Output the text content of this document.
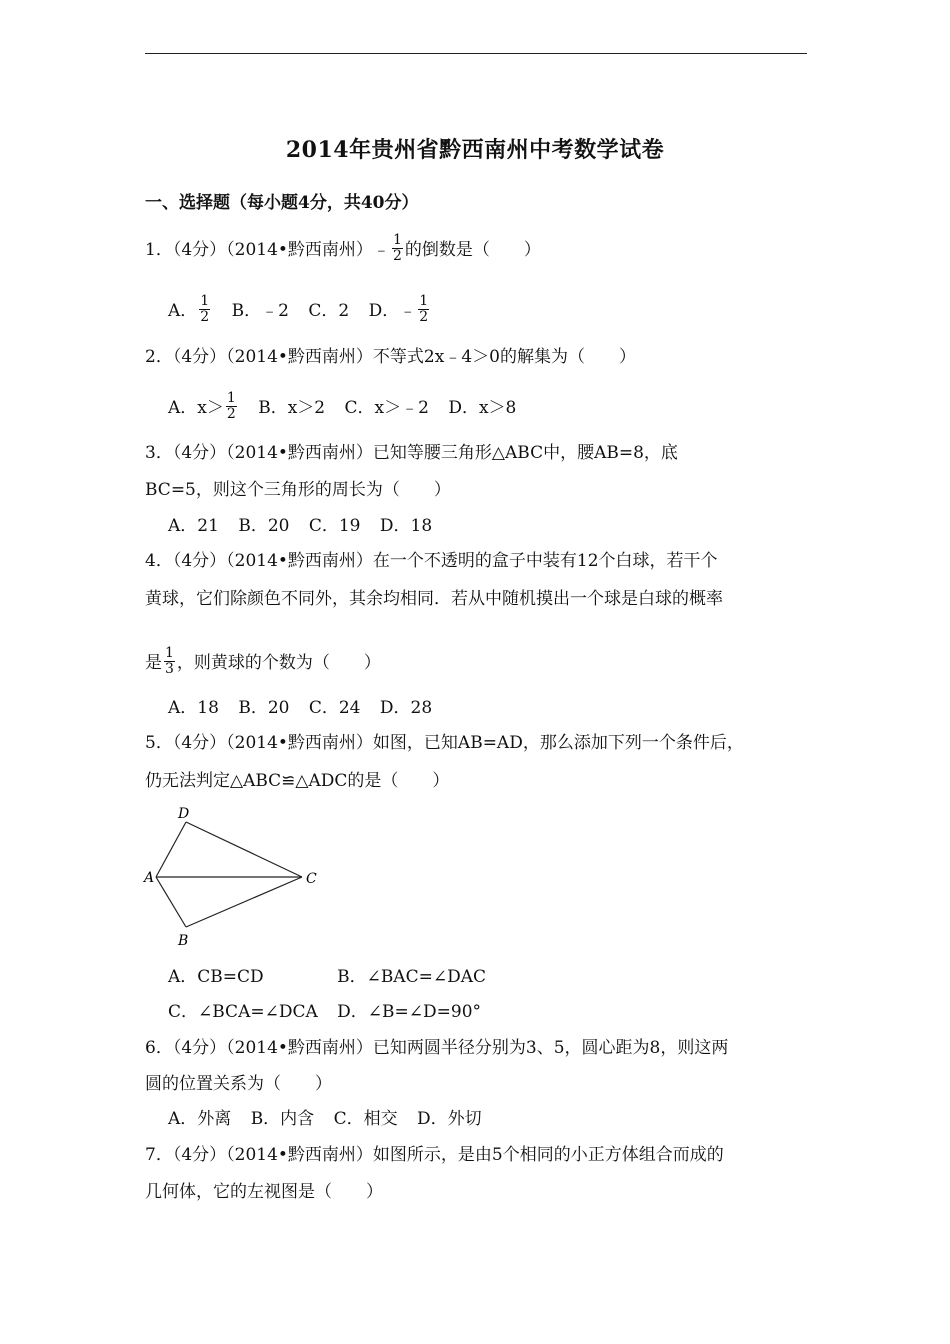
2014年贵州省黔西南州中考数学试卷
一、选择题（每小题4分，共40分）
1．（4分）（2014•黔西南州）﹣ $\frac{1}{2}$ 的倒数是（　　）
A． $\frac{1}{2}$ B．﹣2 C．2 D．﹣ $\frac{1}{2}$
2．（4分）（2014•黔西南州）不等式2x﹣4＞0的解集为（　　）
A．$x> \frac{1}{2}$ B．x＞2 C．x＞﹣2 D．x＞8
3．（4分）（2014•黔西南州）已知等腰三角形△ABC中，腰AB=8，底
BC=5，则这个三角形的周长为（　　）
A．21 B．20 C．19 D．18
4．（4分）（2014•黔西南州）在一个不透明的盒子中装有12个白球，若干个
黄球，它们除颜色不同外，其余均相同．若从中随机摸出一个球是白球的概率
是 $\frac{1}{3}$ ，则黄球的个数为（　　）
A．18 B．20 C．24 D．28
5．（4分）（2014•黔西南州）如图，已知AB=AD，那么添加下列一个条件后，
仍无法判定△ABC≌△ADC的是（　　）
D
A	C
B
A．CB=CD	B．∠BAC=∠DAC
C．∠BCA=∠DCA D．∠B=∠D=90°
6．（4分）（2014•黔西南州）已知两圆半径分别为3、5，圆心距为8，则这两
圆的位置关系为（　　）
A．外离 B．内含 C．相交 D．外切
7．（4分）（2014•黔西南州）如图所示，是由5个相同的小正方体组合而成的
几何体，它的左视图是（　　）
